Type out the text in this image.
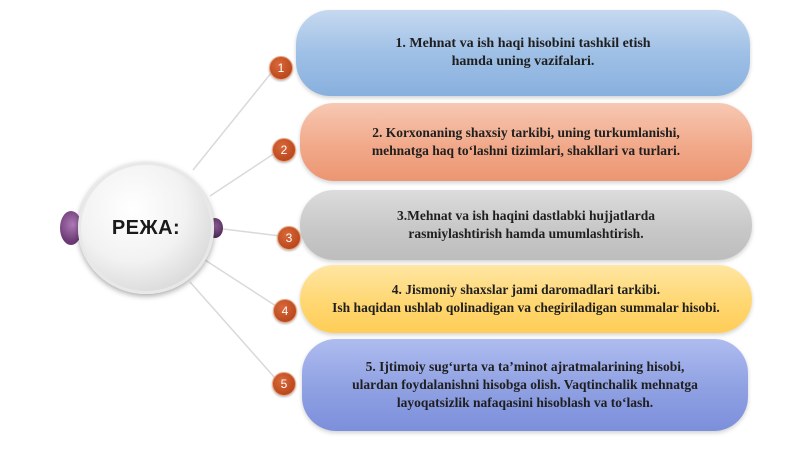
РЕЖА:
1. Mehnat va ish haqi hisobini tashkil etish
hamda uning vazifalari.
2. Korxonaning shaxsiy tarkibi, uning turkumlanishi,
mehnatga haq to‘lashni tizimlari, shakllari va turlari.
3.Mehnat va ish haqini dastlabki hujjatlarda
rasmiylashtirish hamda umumlashtirish.
4. Jismoniy shaxslar jami daromadlari tarkibi.
Ish haqidan ushlab qolinadigan va chegiriladigan summalar hisobi.
5. Ijtimoiy sug‘urta va ta’minot ajratmalarining hisobi,
ulardan foydalanishni hisobga olish. Vaqtinchalik mehnatga
layoqatsizlik nafaqasini hisoblash va to‘lash.
1
2
3
4
5
